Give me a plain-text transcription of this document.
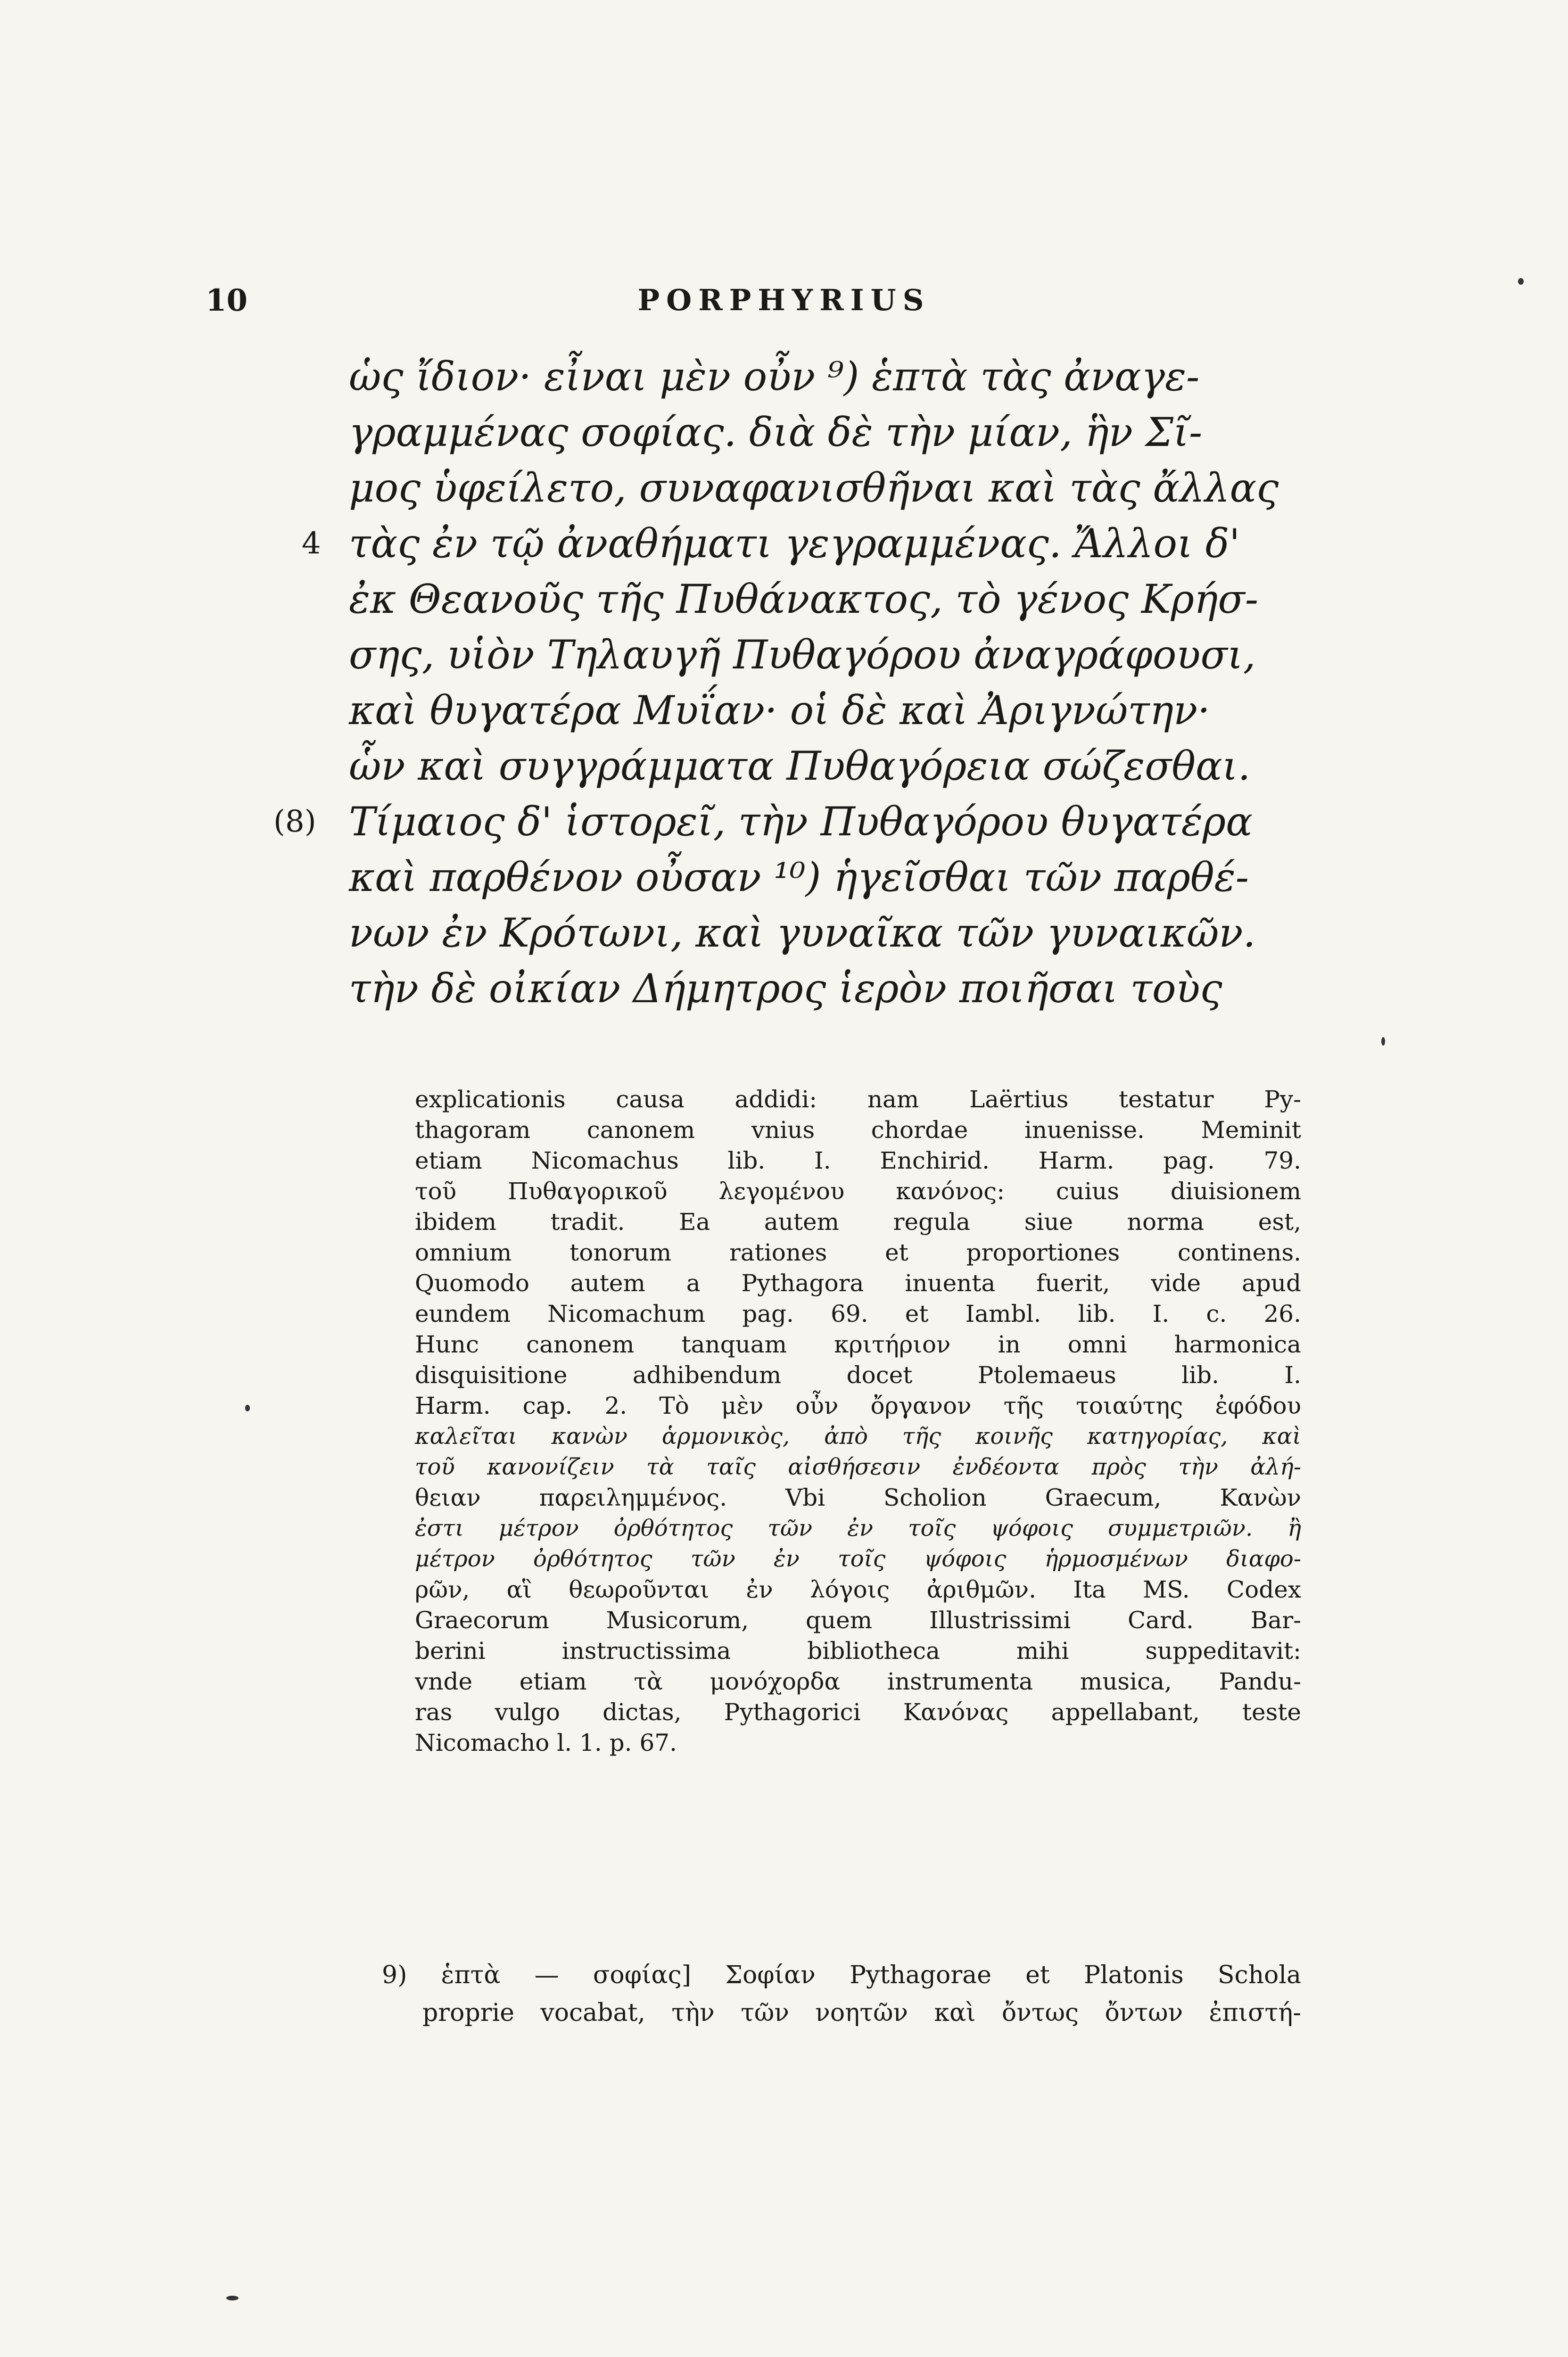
10	PORPHYRIUS
ὡς ἴδιον· εἶναι μὲν οὖν ⁹) ἑπτὰ τὰς ἀναγε-
γραμμένας σοφίας. διὰ δὲ τὴν μίαν, ἣν Σῖ-
μος ὑφείλετο, συναφανισθῆναι καὶ τὰς ἄλλας
4 τὰς ἐν τῷ ἀναθήματι γεγραμμένας. Ἄλλοι δ'
ἐκ Θεανοῦς τῆς Πυθάνακτος, τὸ γένος Κρήσ-
σης, υἱὸν Τηλαυγῆ Πυθαγόρου ἀναγράφουσι,
καὶ θυγατέρα Μυΐαν· οἱ δὲ καὶ Ἀριγνώτην·
ὧν καὶ συγγράμματα Πυθαγόρεια σώζεσθαι.
(8) Τίμαιος δ' ἱστορεῖ, τὴν Πυθαγόρου θυγατέρα
καὶ παρθένον οὖσαν ¹⁰) ἡγεῖσθαι τῶν παρθέ-
νων ἐν Κρότωνι, καὶ γυναῖκα τῶν γυναικῶν.
τὴν δὲ οἰκίαν Δήμητρος ἱερὸν ποιῆσαι τοὺς
explicationis causa addidi: nam Laërtius testatur Py-
thagoram canonem vnius chordae inuenisse. Meminit
etiam Nicomachus lib. I. Enchirid. Harm. pag. 79.
τοῦ Πυθαγορικοῦ λεγομένου κανόνος: cuius diuisionem
ibidem tradit. Ea autem regula siue norma est,
omnium tonorum rationes et proportiones continens.
Quomodo autem a Pythagora inuenta fuerit, vide apud
eundem Nicomachum pag. 69. et Iambl. lib. I. c. 26.
Hunc canonem tanquam κριτήριον in omni harmonica
disquisitione adhibendum docet Ptolemaeus lib. I.
Harm. cap. 2. Τὸ μὲν οὖν ὄργανον τῆς τοιαύτης ἐφόδου
καλεῖται κανὼν ἁρμονικὸς, ἀπὸ τῆς κοινῆς κατηγορίας, καὶ
τοῦ κανονίζειν τὰ ταῖς αἰσθήσεσιν ἐνδέοντα πρὸς τὴν ἀλή-
θειαν παρειλημμένος. Vbi Scholion Graecum, Κανὼν
ἐστι μέτρον ὀρθότητος τῶν ἐν τοῖς ψόφοις συμμετριῶν. ἢ
μέτρον ὀρθότητος τῶν ἐν τοῖς ψόφοις ἡρμοσμένων διαφο-
ρῶν, αἳ θεωροῦνται ἐν λόγοις ἀριθμῶν. Ita MS. Codex
Graecorum Musicorum, quem Illustrissimi Card. Bar-
berini instructissima bibliotheca mihi suppeditavit:
vnde etiam τὰ μονόχορδα instrumenta musica, Pandu-
ras vulgo dictas, Pythagorici Κανόνας appellabant, teste
Nicomacho l. 1. p. 67.
9) ἑπτὰ — σοφίας] Σοφίαν Pythagorae et Platonis Schola
proprie vocabat, τὴν τῶν νοητῶν καὶ ὄντως ὄντων ἐπιστή-
